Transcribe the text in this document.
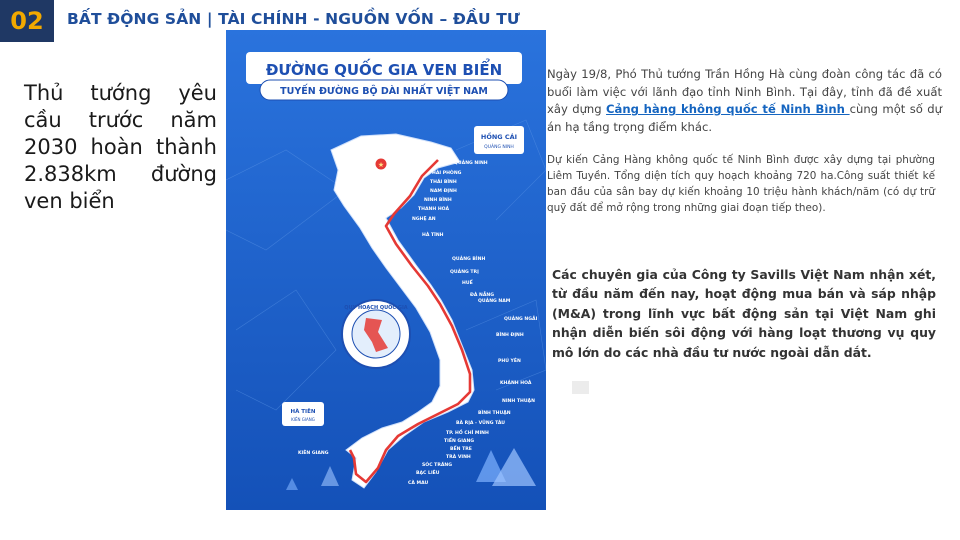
02	BẤT ĐỘNG SẢN | TÀI CHÍNH - NGUỒN VỐN – ĐẦU TƯ
Thủ tướng yêu cầu trước năm 2030 hoàn thành 2.838km đường ven biển
ĐƯỜNG QUỐC GIA VEN BIỂN
TUYẾN ĐƯỜNG BỘ DÀI NHẤT VIỆT NAM
★
HỒNG CÁI
QUẢNG NINH
HÀ TIÊN
KIÊN GIANG
QUY HOẠCH QUỐC GIA
QUẢNG NINH
HẢI PHÒNG
THÁI BÌNH
NAM ĐỊNH
NINH BÌNH
THANH HOÁ
NGHỆ AN
HÀ TĨNH
QUẢNG BÌNH
QUẢNG TRỊ
HUẾ
ĐÀ NẴNG
QUẢNG NAM
QUẢNG NGÃI
BÌNH ĐỊNH
PHÚ YÊN
KHÁNH HOÀ
NINH THUẬN
BÌNH THUẬN
BÀ RỊA - VŨNG TÀU
TP. HỒ CHÍ MINH
TIỀN GIANG
BẾN TRE
TRÀ VINH
SÓC TRĂNG
BẠC LIÊU
CÀ MAU
KIÊN GIANG

Ngày 19/8, Phó Thủ tướng Trần Hồng Hà cùng đoàn công tác đã có buổi làm việc với lãnh đạo tỉnh Ninh Bình. Tại đây, tỉnh đã đề xuất xây dựng Cảng hàng không quốc tế Ninh Bình cùng một số dự án hạ tầng trọng điểm khác.

Dự kiến Cảng Hàng không quốc tế Ninh Bình được xây dựng tại phường Liêm Tuyền. Tổng diện tích quy hoạch khoảng 720 ha.Công suất thiết kế ban đầu của sân bay dự kiến khoảng 10 triệu hành khách/năm (có dự trữ quỹ đất để mở rộng trong những giai đoạn tiếp theo).

Các chuyên gia của Công ty Savills Việt Nam nhận xét, từ đầu năm đến nay, hoạt động mua bán và sáp nhập (M&A) trong lĩnh vực bất động sản tại Việt Nam ghi nhận diễn biến sôi động với hàng loạt thương vụ quy mô lớn do các nhà đầu tư nước ngoài dẫn dắt.
